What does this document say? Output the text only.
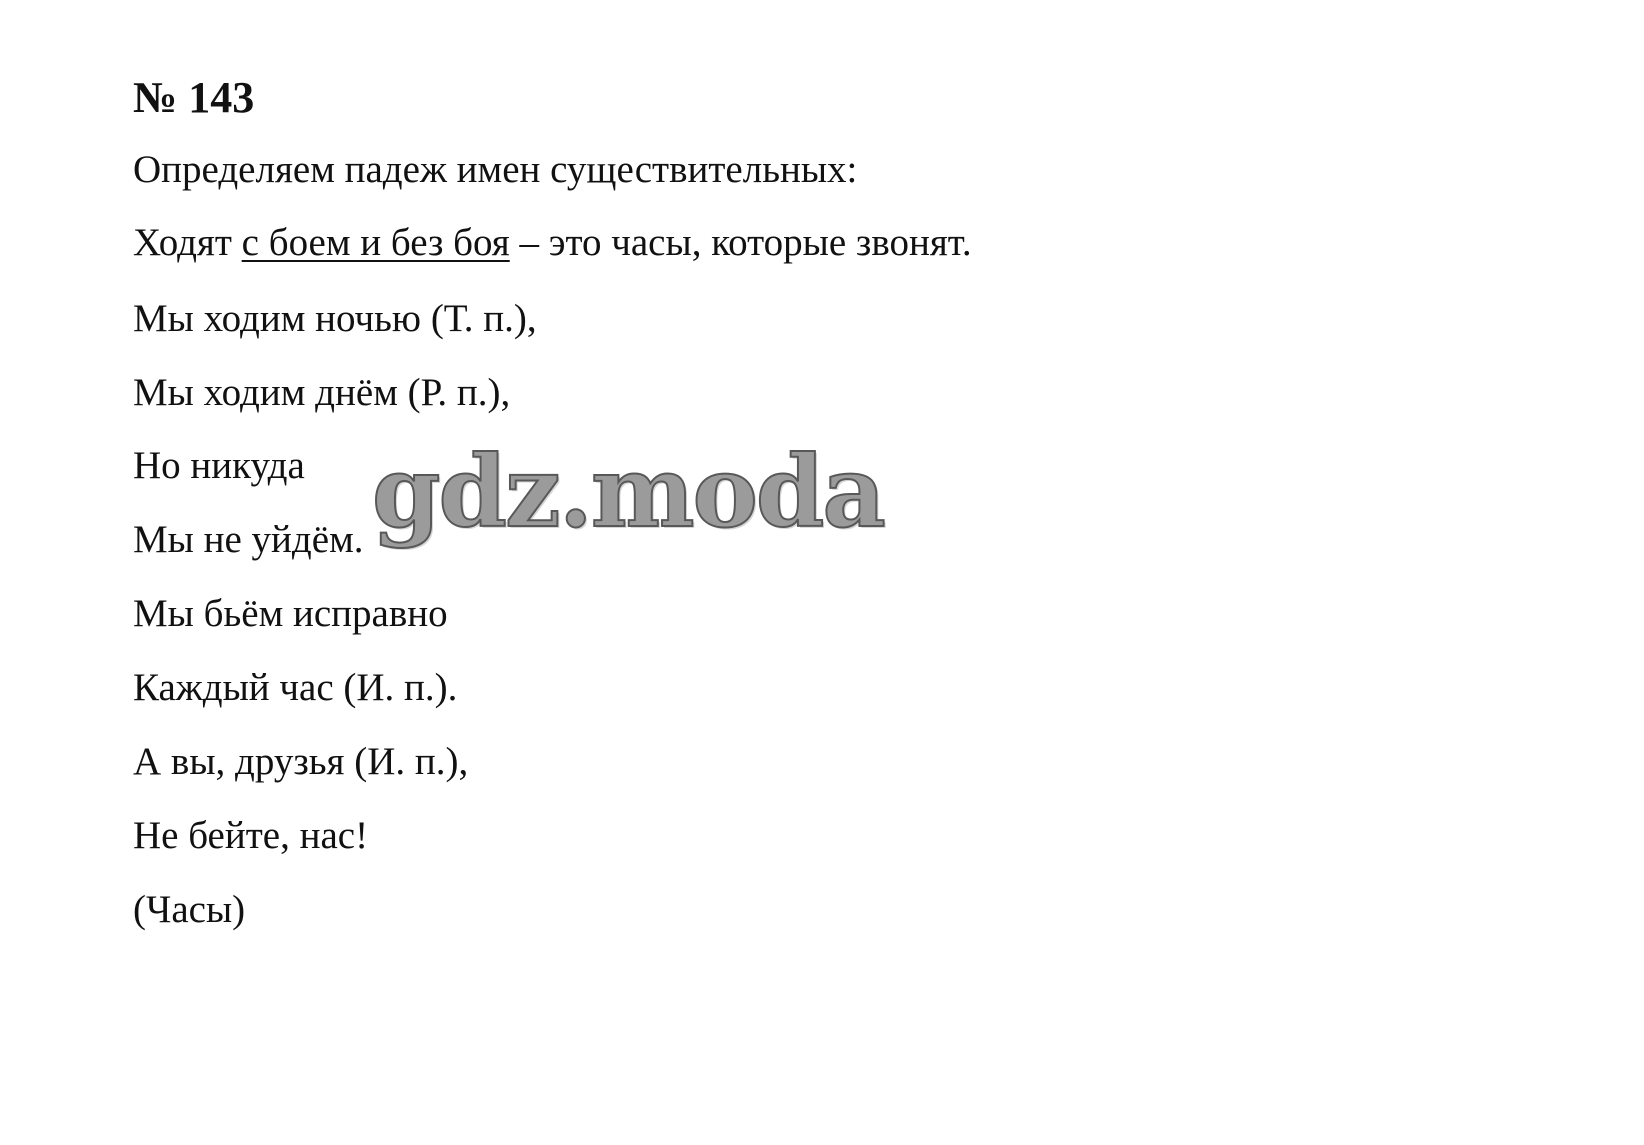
№ 143

Определяем падеж имен существительных:

Ходят с боем и без боя – это часы, которые звонят.

Мы ходим ночью (Т. п.),

Мы ходим днём (Р. п.),

Но никуда

Мы не уйдём.

Мы бьём исправно

Каждый час (И. п.).

А вы, друзья (И. п.),

Не бейте, нас!

(Часы)

gdz.moda
